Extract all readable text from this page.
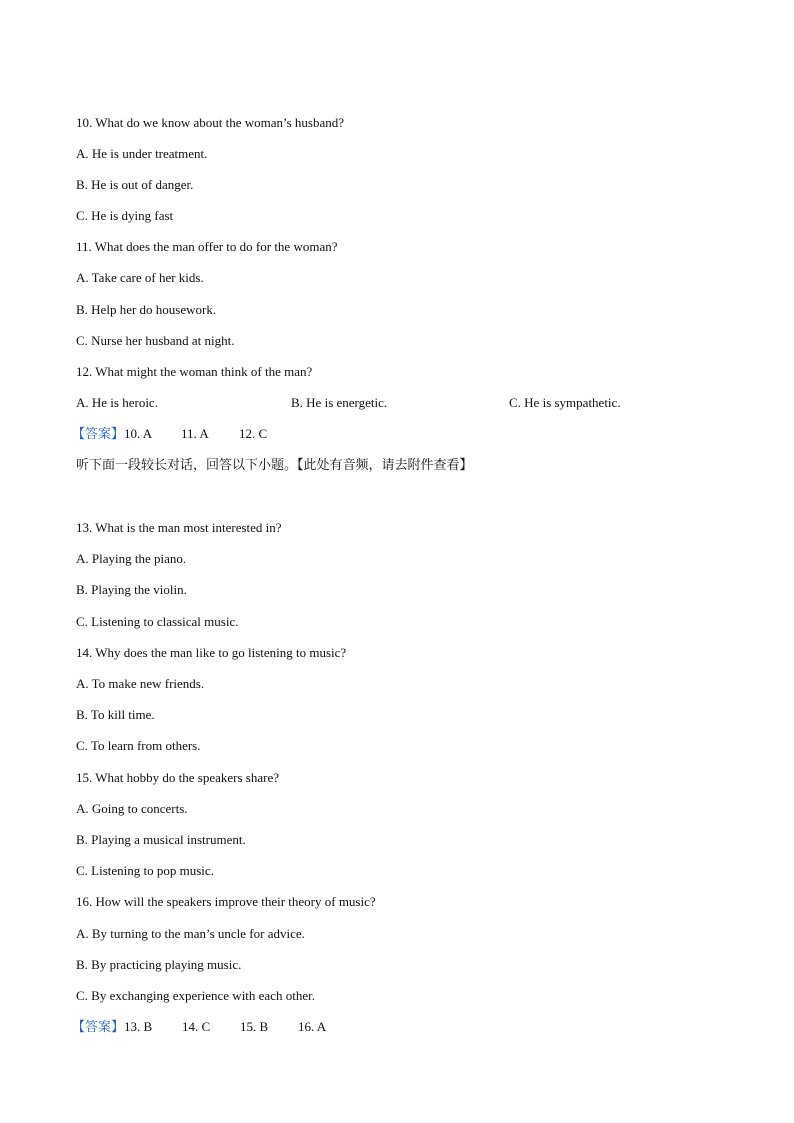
10. What do we know about the woman’s husband?
A. He is under treatment.
B. He is out of danger.
C. He is dying fast
11. What does the man offer to do for the woman?
A. Take care of her kids.
B. Help her do housework.
C. Nurse her husband at night.
12. What might the woman think of the man?
A. He is heroic.	B. He is energetic.	C. He is sympathetic.
【答案】10. A 11. A 12. C
听下面一段较长对话，回答以下小题。【此处有音频，请去附件查看】
13. What is the man most interested in?
A. Playing the piano.
B. Playing the violin.
C. Listening to classical music.
14. Why does the man like to go listening to music?
A. To make new friends.
B. To kill time.
C. To learn from others.
15. What hobby do the speakers share?
A. Going to concerts.
B. Playing a musical instrument.
C. Listening to pop music.
16. How will the speakers improve their theory of music?
A. By turning to the man’s uncle for advice.
B. By practicing playing music.
C. By exchanging experience with each other.
【答案】13. B 14. C 15. B 16. A
